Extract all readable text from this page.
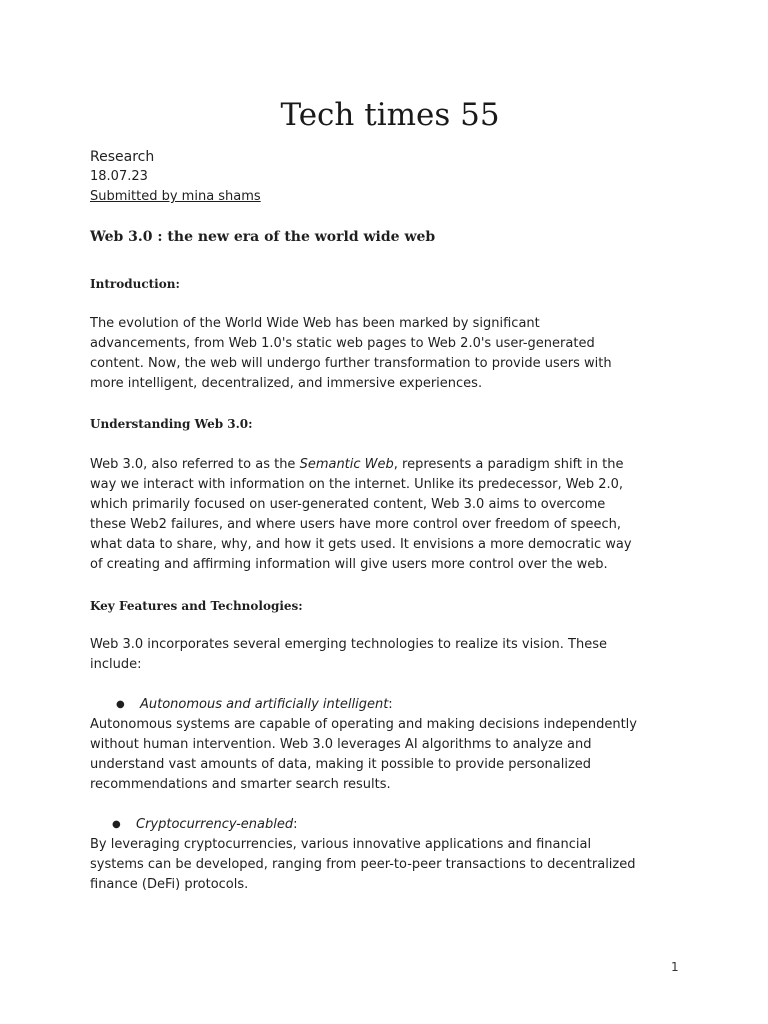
Tech times 55
Research
18.07.23
Submitted by mina shams
Web 3.0 : the new era of the world wide web
Introduction:
The evolution of the World Wide Web has been marked by significant
advancements, from Web 1.0's static web pages to Web 2.0's user-generated
content. Now, the web will undergo further transformation to provide users with
more intelligent, decentralized, and immersive experiences.
Understanding Web 3.0:
Web 3.0, also referred to as the Semantic Web, represents a paradigm shift in the
way we interact with information on the internet. Unlike its predecessor, Web 2.0,
which primarily focused on user-generated content, Web 3.0 aims to overcome
these Web2 failures, and where users have more control over freedom of speech,
what data to share, why, and how it gets used. It envisions a more democratic way
of creating and affirming information will give users more control over the web.
Key Features and Technologies:
Web 3.0 incorporates several emerging technologies to realize its vision. These
include:
● Autonomous and artificially intelligent:
Autonomous systems are capable of operating and making decisions independently
without human intervention. Web 3.0 leverages AI algorithms to analyze and
understand vast amounts of data, making it possible to provide personalized
recommendations and smarter search results.
● Cryptocurrency-enabled:
By leveraging cryptocurrencies, various innovative applications and financial
systems can be developed, ranging from peer-to-peer transactions to decentralized
finance (DeFi) protocols.
1
